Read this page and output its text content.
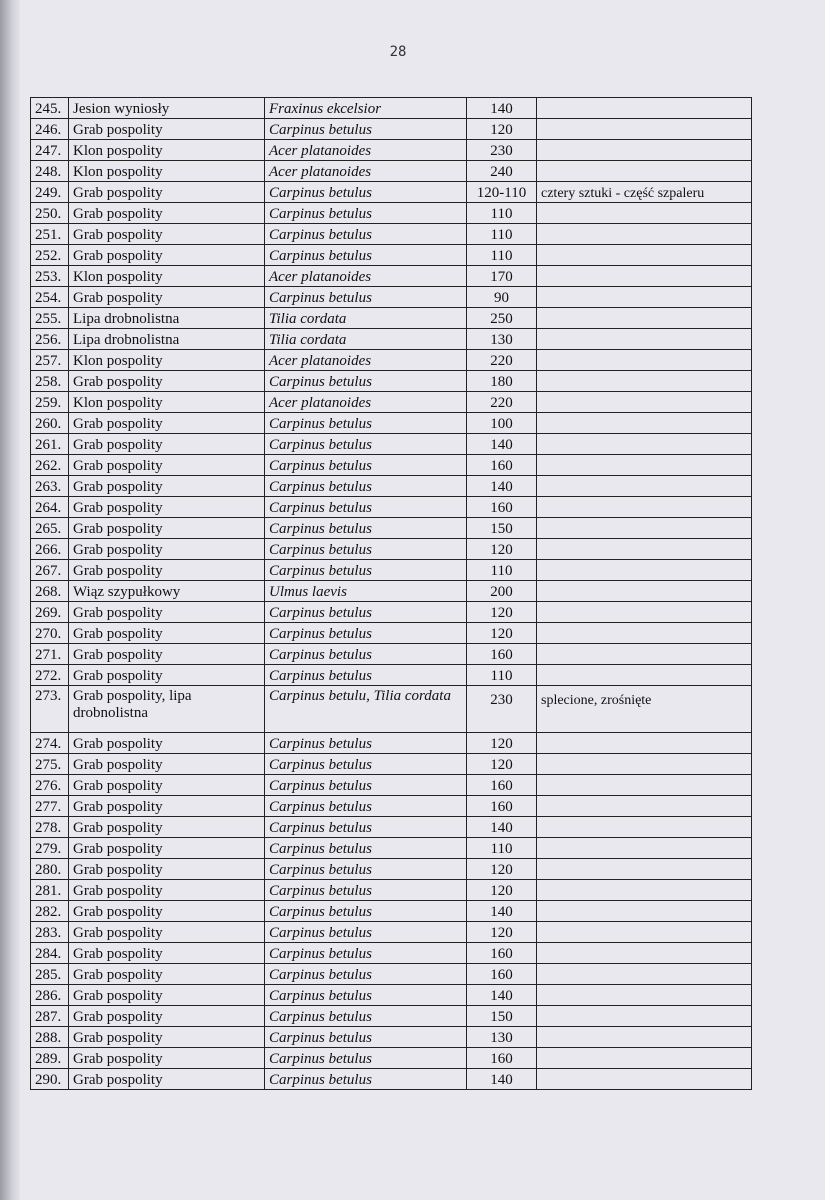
28
245.	Jesion wyniosły	Fraxinus ekcelsior	140	
246.	Grab pospolity	Carpinus betulus	120	
247.	Klon pospolity	Acer platanoides	230	
248.	Klon pospolity	Acer platanoides	240	
249.	Grab pospolity	Carpinus betulus	120-110	cztery sztuki - część szpaleru
250.	Grab pospolity	Carpinus betulus	110	
251.	Grab pospolity	Carpinus betulus	110	
252.	Grab pospolity	Carpinus betulus	110	
253.	Klon pospolity	Acer platanoides	170	
254.	Grab pospolity	Carpinus betulus	90	
255.	Lipa drobnolistna	Tilia cordata	250	
256.	Lipa drobnolistna	Tilia cordata	130	
257.	Klon pospolity	Acer platanoides	220	
258.	Grab pospolity	Carpinus betulus	180	
259.	Klon pospolity	Acer platanoides	220	
260.	Grab pospolity	Carpinus betulus	100	
261.	Grab pospolity	Carpinus betulus	140	
262.	Grab pospolity	Carpinus betulus	160	
263.	Grab pospolity	Carpinus betulus	140	
264.	Grab pospolity	Carpinus betulus	160	
265.	Grab pospolity	Carpinus betulus	150	
266.	Grab pospolity	Carpinus betulus	120	
267.	Grab pospolity	Carpinus betulus	110	
268.	Wiąz szypułkowy	Ulmus laevis	200	
269.	Grab pospolity	Carpinus betulus	120	
270.	Grab pospolity	Carpinus betulus	120	
271.	Grab pospolity	Carpinus betulus	160	
272.	Grab pospolity	Carpinus betulus	110	
273.	Grab pospolity, lipa drobnolistna	Carpinus betulu, Tilia cordata	230	splecione, zrośnięte
274.	Grab pospolity	Carpinus betulus	120	
275.	Grab pospolity	Carpinus betulus	120	
276.	Grab pospolity	Carpinus betulus	160	
277.	Grab pospolity	Carpinus betulus	160	
278.	Grab pospolity	Carpinus betulus	140	
279.	Grab pospolity	Carpinus betulus	110	
280.	Grab pospolity	Carpinus betulus	120	
281.	Grab pospolity	Carpinus betulus	120	
282.	Grab pospolity	Carpinus betulus	140	
283.	Grab pospolity	Carpinus betulus	120	
284.	Grab pospolity	Carpinus betulus	160	
285.	Grab pospolity	Carpinus betulus	160	
286.	Grab pospolity	Carpinus betulus	140	
287.	Grab pospolity	Carpinus betulus	150	
288.	Grab pospolity	Carpinus betulus	130	
289.	Grab pospolity	Carpinus betulus	160	
290.	Grab pospolity	Carpinus betulus	140	
